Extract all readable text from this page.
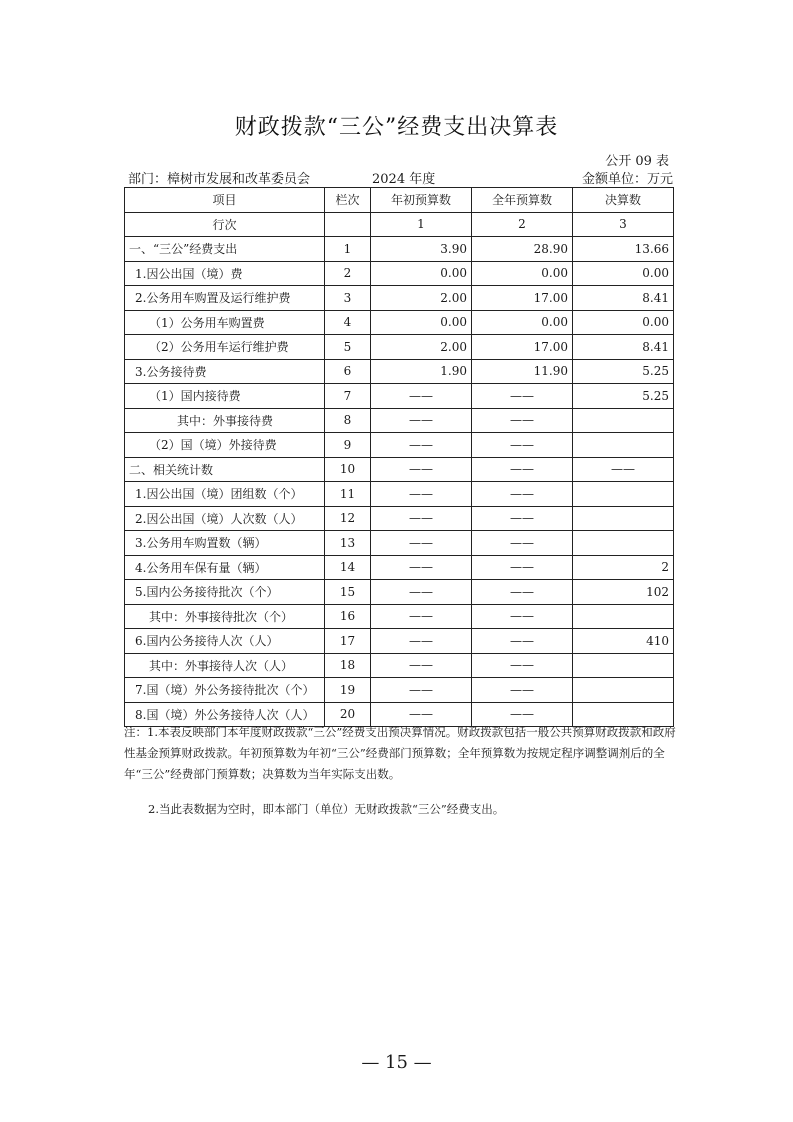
财政拨款“三公”经费支出决算表
公开 09 表
部门：樟树市发展和改革委员会	2024 年度	金额单位：万元
项目	栏次	年初预算数	全年预算数	决算数
行次		1	2	3
一、“三公”经费支出	1	3.90	28.90	13.66
1.因公出国（境）费	2	0.00	0.00	0.00
2.公务用车购置及运行维护费	3	2.00	17.00	8.41
（1）公务用车购置费	4	0.00	0.00	0.00
（2）公务用车运行维护费	5	2.00	17.00	8.41
3.公务接待费	6	1.90	11.90	5.25
（1）国内接待费	7	——	——	5.25
其中：外事接待费	8	——	——	
（2）国（境）外接待费	9	——	——	
二、相关统计数	10	——	——	——
1.因公出国（境）团组数（个）	11	——	——	
2.因公出国（境）人次数（人）	12	——	——	
3.公务用车购置数（辆）	13	——	——	
4.公务用车保有量（辆）	14	——	——	2
5.国内公务接待批次（个）	15	——	——	102
其中：外事接待批次（个）	16	——	——	
6.国内公务接待人次（人）	17	——	——	410
其中：外事接待人次（人）	18	——	——	
7.国（境）外公务接待批次（个）	19	——	——	
8.国（境）外公务接待人次（人）	20	——	——	

注：1.本表反映部门本年度财政拨款“三公”经费支出预决算情况。财政拨款包括一般公共预算财政拨款和政府性基金预算财政拨款。年初预算数为年初“三公”经费部门预算数；全年预算数为按规定程序调整调剂后的全年“三公”经费部门预算数；决算数为当年实际支出数。

2.当此表数据为空时，即本部门（单位）无财政拨款“三公”经费支出。

— 15 —
